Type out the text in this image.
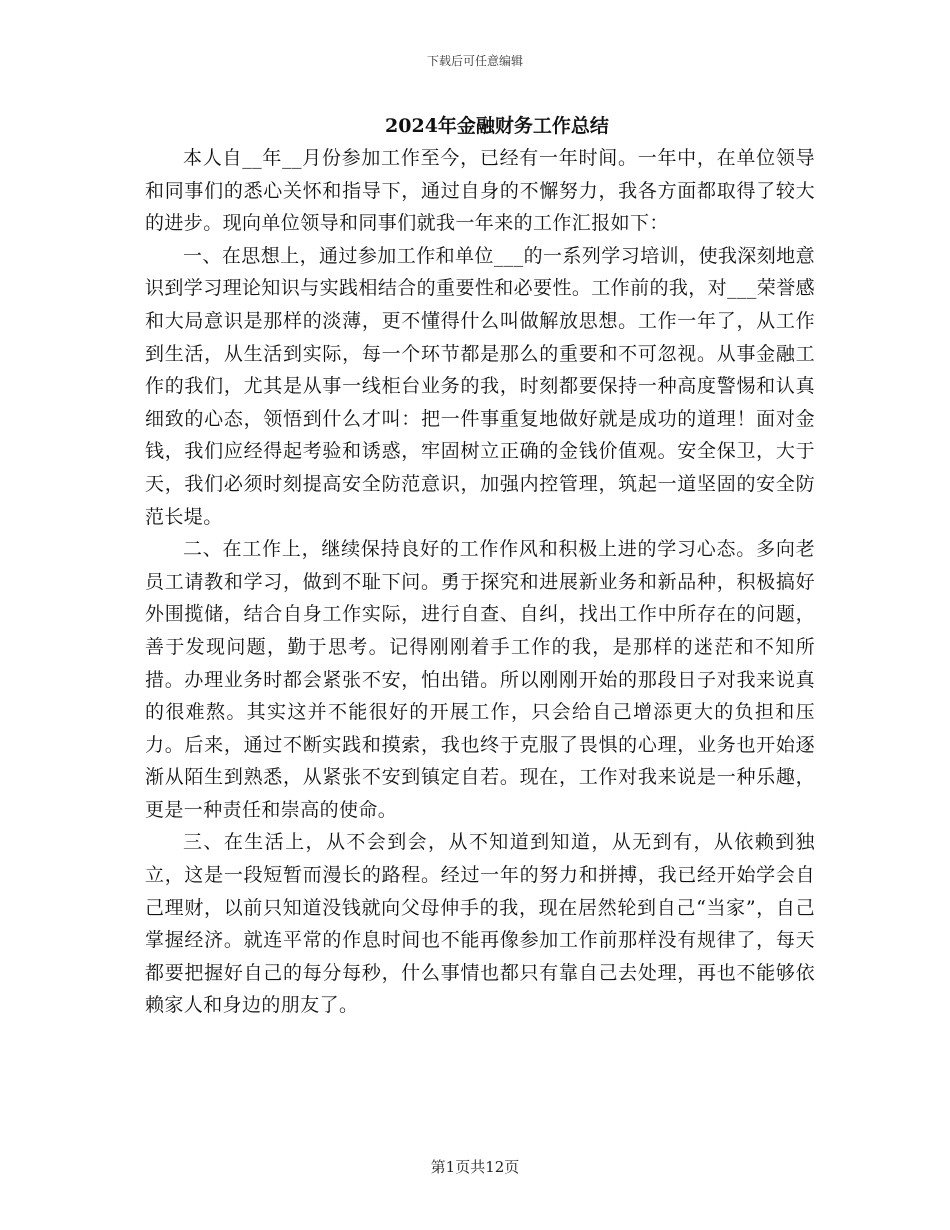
下载后可任意编辑
2024年金融财务工作总结

本人自__年__月份参加工作至今，已经有一年时间。一年中，在单位领导和同事们的悉心关怀和指导下，通过自身的不懈努力，我各方面都取得了较大的进步。现向单位领导和同事们就我一年来的工作汇报如下：

一、在思想上，通过参加工作和单位___的一系列学习培训，使我深刻地意识到学习理论知识与实践相结合的重要性和必要性。工作前的我，对___荣誉感和大局意识是那样的淡薄，更不懂得什么叫做解放思想。工作一年了，从工作到生活，从生活到实际，每一个环节都是那么的重要和不可忽视。从事金融工作的我们，尤其是从事一线柜台业务的我，时刻都要保持一种高度警惕和认真细致的心态，领悟到什么才叫：把一件事重复地做好就是成功的道理！面对金钱，我们应经得起考验和诱惑，牢固树立正确的金钱价值观。安全保卫，大于天，我们必须时刻提高安全防范意识，加强内控管理，筑起一道坚固的安全防范长堤。

二、在工作上，继续保持良好的工作作风和积极上进的学习心态。多向老员工请教和学习，做到不耻下问。勇于探究和进展新业务和新品种，积极搞好外围揽储，结合自身工作实际，进行自查、自纠，找出工作中所存在的问题，善于发现问题，勤于思考。记得刚刚着手工作的我，是那样的迷茫和不知所措。办理业务时都会紧张不安，怕出错。所以刚刚开始的那段日子对我来说真的很难熬。其实这并不能很好的开展工作，只会给自己增添更大的负担和压力。后来，通过不断实践和摸索，我也终于克服了畏惧的心理，业务也开始逐渐从陌生到熟悉，从紧张不安到镇定自若。现在，工作对我来说是一种乐趣，更是一种责任和崇高的使命。

三、在生活上，从不会到会，从不知道到知道，从无到有，从依赖到独立，这是一段短暂而漫长的路程。经过一年的努力和拼搏，我已经开始学会自己理财，以前只知道没钱就向父母伸手的我，现在居然轮到自己“当家”，自己掌握经济。就连平常的作息时间也不能再像参加工作前那样没有规律了，每天都要把握好自己的每分每秒，什么事情也都只有靠自己去处理，再也不能够依赖家人和身边的朋友了。

第1页共12页
